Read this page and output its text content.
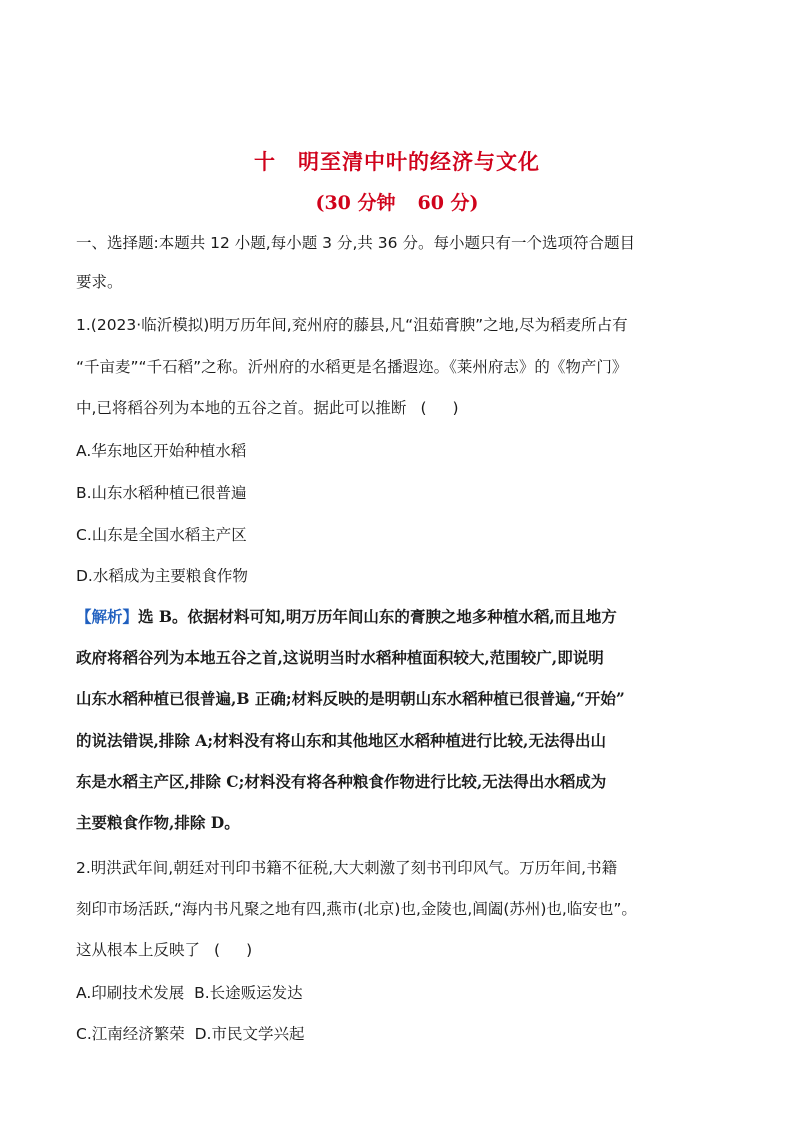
十 明至清中叶的经济与文化
(30 分钟 60 分)
一、选择题:本题共 12 小题,每小题 3 分,共 36 分。每小题只有一个选项符合题目
要求。
1.(2023·临沂模拟)明万历年间,兖州府的藤县,凡“沮茹膏腴”之地,尽为稻麦所占有
“千亩麦”“千石稻”之称。沂州府的水稻更是名播遐迩。《莱州府志》的《物产门》
中,已将稻谷列为本地的五谷之首。据此可以推断 ( )
A.华东地区开始种植水稻
B.山东水稻种植已很普遍
C.山东是全国水稻主产区
D.水稻成为主要粮食作物
【解析】选 B。依据材料可知,明万历年间山东的膏腴之地多种植水稻,而且地方
政府将稻谷列为本地五谷之首,这说明当时水稻种植面积较大,范围较广,即说明
山东水稻种植已很普遍,B 正确;材料反映的是明朝山东水稻种植已很普遍,“开始”
的说法错误,排除 A;材料没有将山东和其他地区水稻种植进行比较,无法得出山
东是水稻主产区,排除 C;材料没有将各种粮食作物进行比较,无法得出水稻成为
主要粮食作物,排除 D。
2.明洪武年间,朝廷对刊印书籍不征税,大大刺激了刻书刊印风气。万历年间,书籍
刻印市场活跃,“海内书凡聚之地有四,燕市(北京)也,金陵也,阊阖(苏州)也,临安也”。
这从根本上反映了 ( )
A.印刷技术发展  B.长途贩运发达
C.江南经济繁荣  D.市民文学兴起
